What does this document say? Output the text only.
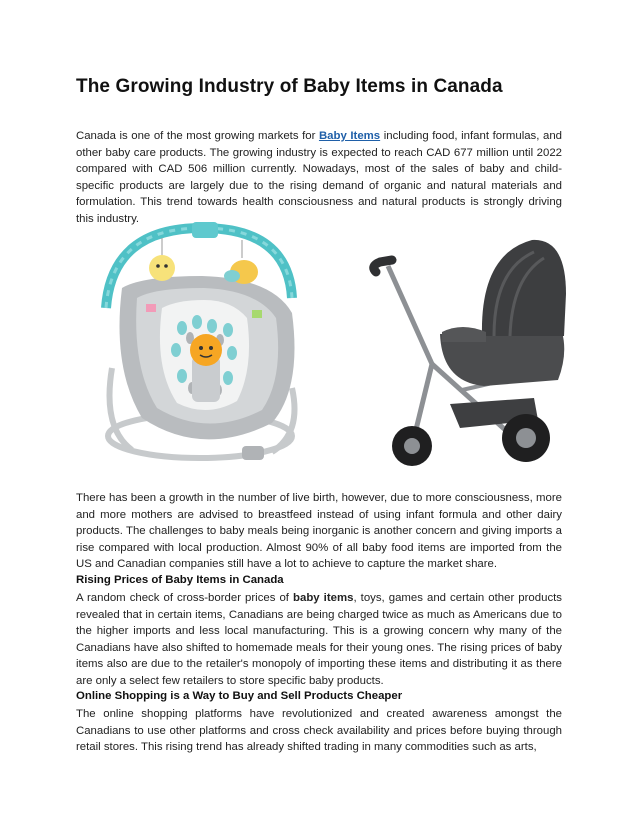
The Growing Industry of Baby Items in Canada

Canada is one of the most growing markets for Baby Items including food, infant formulas, and other baby care products. The growing industry is expected to reach CAD 677 million until 2022 compared with CAD 506 million currently. Nowadays, most of the sales of baby and child-specific products are largely due to the rising demand of organic and natural materials and formulation. This trend towards health consciousness and natural products is strongly driving this industry.

There has been a growth in the number of live birth, however, due to more consciousness, more and more mothers are advised to breastfeed instead of using infant formula and other dairy products. The challenges to baby meals being inorganic is another concern and giving imports a rise compared with local production. Almost 90% of all baby food items are imported from the US and Canadian companies still have a lot to achieve to capture the market share.

Rising Prices of Baby Items in Canada

A random check of cross-border prices of baby items, toys, games and certain other products revealed that in certain items, Canadians are being charged twice as much as Americans due to the higher imports and less local manufacturing. This is a growing concern why many of the Canadians have also shifted to homemade meals for their young ones. The rising prices of baby items also are due to the retailer's monopoly of importing these items and distributing it as there are only a select few retailers to store specific baby products.

Online Shopping is a Way to Buy and Sell Products Cheaper

The online shopping platforms have revolutionized and created awareness amongst the Canadians to use other platforms and cross check availability and prices before buying through retail stores. This rising trend has already shifted trading in many commodities such as arts,
